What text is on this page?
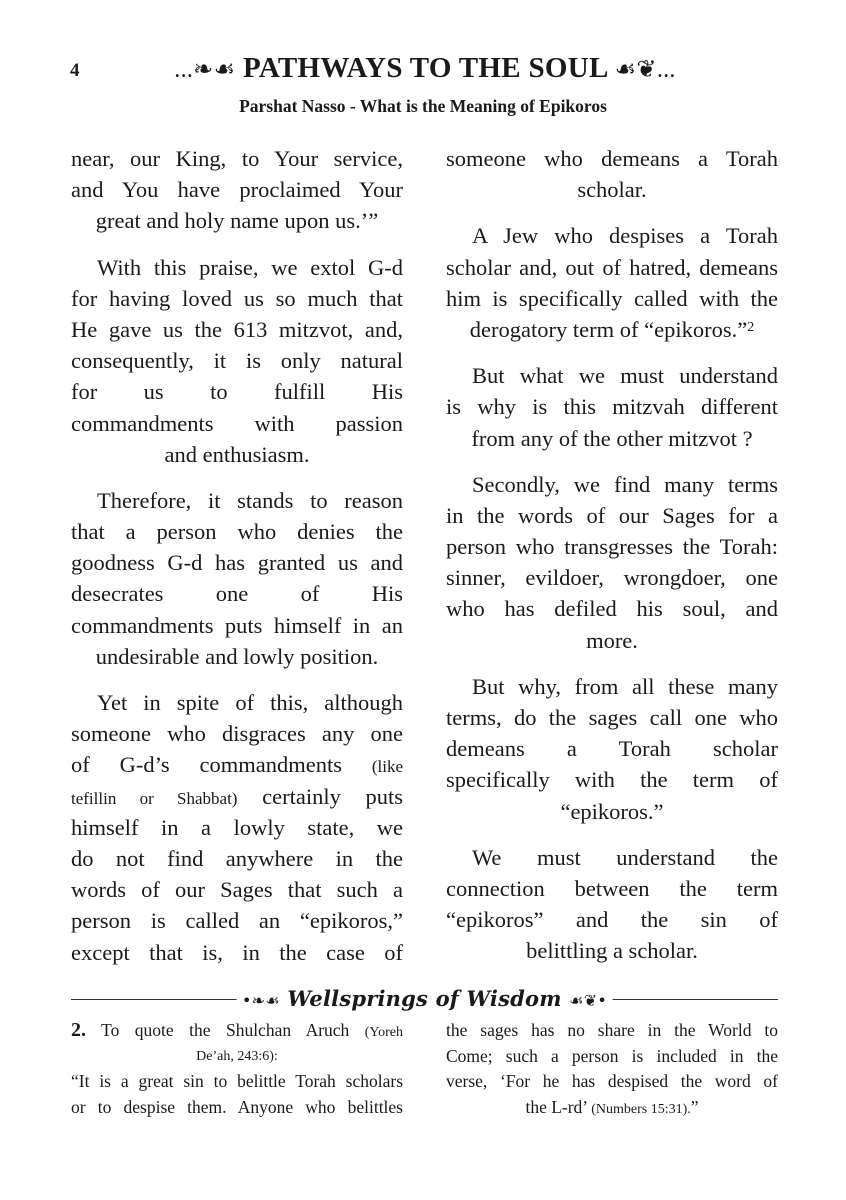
4	...❧☙ PATHWAYS TO THE SOUL ☙❦...
Parshat Nasso - What is the Meaning of Epikoros
near, our King, to Your service,
and You have proclaimed Your
great and holy name upon us.’”
With this praise, we extol G-d
for having loved us so much that
He gave us the 613 mitzvot, and,
consequently, it is only natural
for us to fulfill His
commandments with passion
and enthusiasm.
Therefore, it stands to reason
that a person who denies the
goodness G-d has granted us and
desecrates one of His
commandments puts himself in an
undesirable and lowly position.
Yet in spite of this, although
someone who disgraces any one
of G-d’s commandments (like
tefillin or Shabbat) certainly puts
himself in a lowly state, we
do not find anywhere in the
words of our Sages that such a
person is called an “epikoros,”
except that is, in the case of
someone who demeans a Torah
scholar.
A Jew who despises a Torah
scholar and, out of hatred, demeans
him is specifically called with the
derogatory term of “epikoros.”$^2$
But what we must understand
is why is this mitzvah different
from any of the other mitzvot ?
Secondly, we find many terms
in the words of our Sages for a
person who transgresses the Torah:
sinner, evildoer, wrongdoer, one
who has defiled his soul, and
more.
But why, from all these many
terms, do the sages call one who
demeans a Torah scholar
specifically with the term of
“epikoros.”
We must understand the
connection between the term
“epikoros” and the sin of
belittling a scholar.
•❧☙ Wellsprings of Wisdom ☙❦•
2. To quote the Shulchan Aruch (Yoreh
De’ah, 243:6):
“It is a great sin to belittle Torah scholars
or to despise them. Anyone who belittles
the sages has no share in the World to
Come; such a person is included in the
verse, ‘For he has despised the word of
the L-rd’ (Numbers 15:31).”
